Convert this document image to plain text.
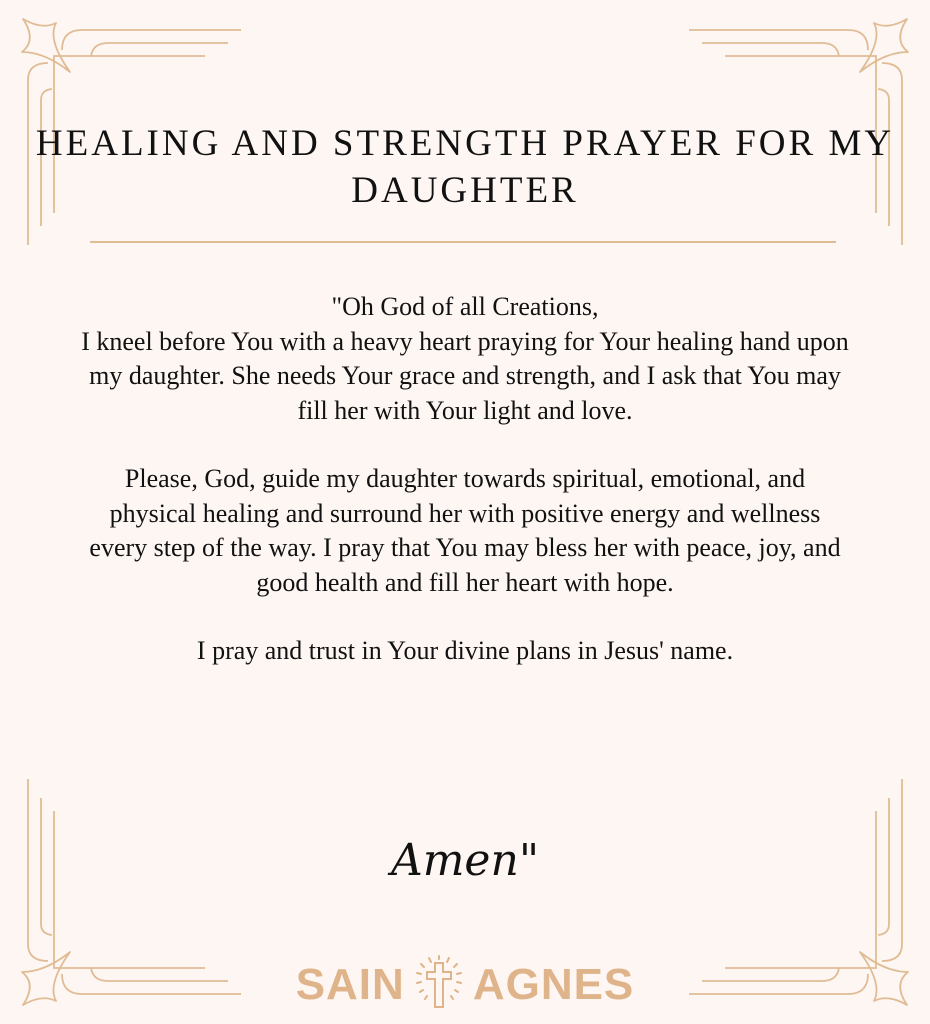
HEALING AND STRENGTH PRAYER FOR MY DAUGHTER

"Oh God of all Creations,
I kneel before You with a heavy heart praying for Your healing hand upon my daughter. She needs Your grace and strength, and I ask that You may fill her with Your light and love.

Please, God, guide my daughter towards spiritual, emotional, and physical healing and surround her with positive energy and wellness every step of the way. I pray that You may bless her with peace, joy, and good health and fill her heart with hope.

I pray and trust in Your divine plans in Jesus' name.

Amen"
SAIN AGNES
